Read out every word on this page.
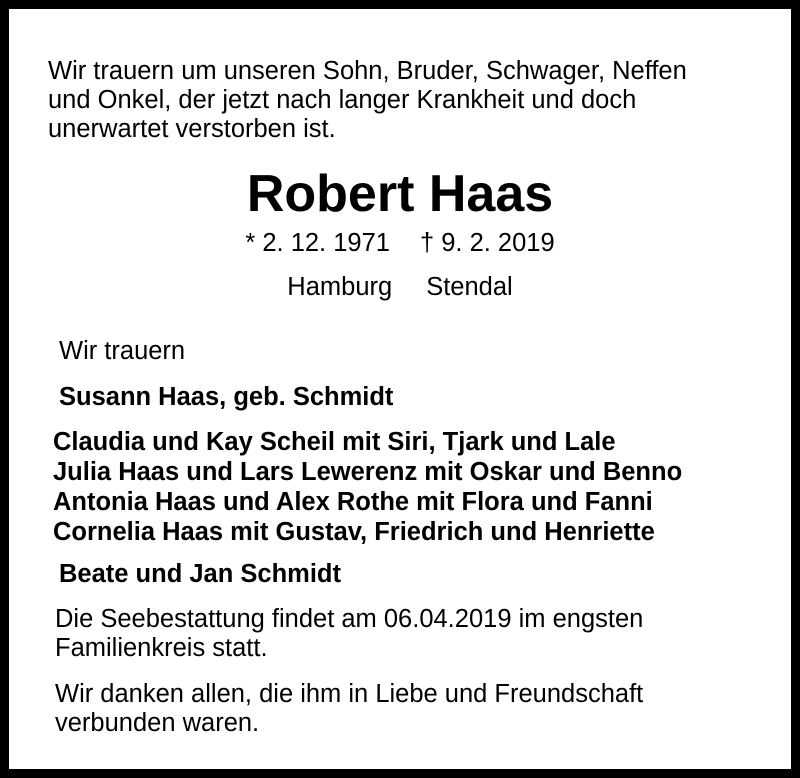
Wir trauern um unseren Sohn, Bruder, Schwager, Neffen
und Onkel, der jetzt nach langer Krankheit und doch
unerwartet verstorben ist.

Robert Haas
* 2. 12. 1971 † 9. 2. 2019
Hamburg Stendal
Wir trauern
Susann Haas, geb. Schmidt
Claudia und Kay Scheil mit Siri, Tjark und Lale
Julia Haas und Lars Lewerenz mit Oskar und Benno
Antonia Haas und Alex Rothe mit Flora und Fanni
Cornelia Haas mit Gustav, Friedrich und Henriette
Beate und Jan Schmidt

Die Seebestattung findet am 06.04.2019 im engsten
Familienkreis statt.

Wir danken allen, die ihm in Liebe und Freundschaft
verbunden waren.
